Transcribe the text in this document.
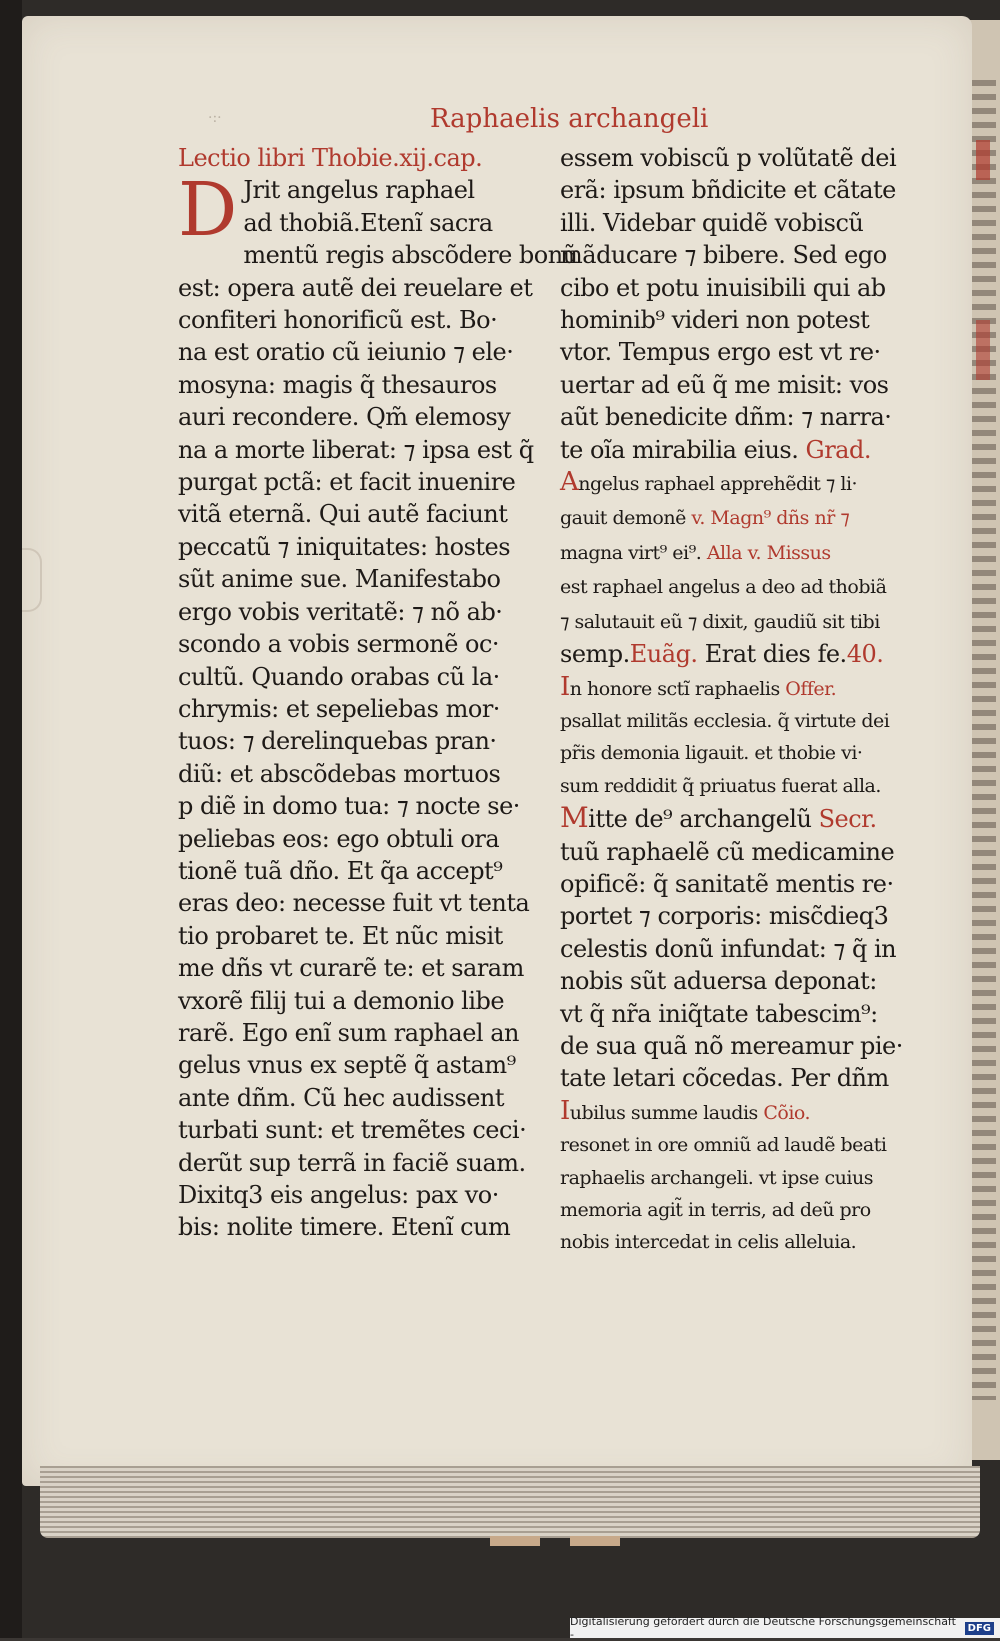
·:·	Raphaelis archangeli
Lectio libri Thobie.xij.cap.
D Jrit angelus raphael
ad thobiã.Etenĩ sacra
mentũ regis abscõdere bonũ
est: opera autẽ dei reuelare et
confiteri honorificũ est. Bo·
na est oratio cũ ieiunio ⁊ ele·
mosyna: magis q̃ thesauros
auri recondere. Qm̃ elemosy
na a morte liberat: ⁊ ipsa est q̃
purgat pctã: et facit inuenire
vitã eternã. Qui autẽ faciunt
peccatũ ⁊ iniquitates: hostes
sũt anime sue. Manifestabo
ergo vobis veritatẽ: ⁊ nõ ab·
scondo a vobis sermonẽ oc·
cultũ. Quando orabas cũ la·
chrymis: et sepeliebas mor·
tuos: ⁊ derelinquebas pran·
diũ: et abscõdebas mortuos
p diẽ in domo tua: ⁊ nocte se·
peliebas eos: ego obtuli ora
tionẽ tuã dño. Et q̃a accept⁹
eras deo: necesse fuit vt tenta
tio probaret te. Et nũc misit
me dñs vt curarẽ te: et saram
vxorẽ filij tui a demonio libe
rarẽ. Ego enĩ sum raphael an
gelus vnus ex septẽ q̃ astam⁹
ante dñm. Cũ hec audissent
turbati sunt: et tremẽtes ceci·
derũt sup terrã in faciẽ suam.
Dixitq3 eis angelus: pax vo·
bis: nolite timere. Etenĩ cum
essem vobiscũ p volũtatẽ dei
erã: ipsum bñdicite et cãtate
illi. Videbar quidẽ vobiscũ
mãducare ⁊ bibere. Sed ego
cibo et potu inuisibili qui ab
hominib⁹ videri non potest
vtor. Tempus ergo est vt re·
uertar ad eũ q̃ me misit: vos
aũt benedicite dñm: ⁊ narra·
te oĩa mirabilia eius. Grad.
Angelus raphael apprehẽdit ⁊ li·
gauit demonẽ v. Magn⁹ dñs nr̃ ⁊
magna virt⁹ ei⁹. Alla v. Missus
est raphael angelus a deo ad thobiã
⁊ salutauit eũ ⁊ dixit, gaudiũ sit tibi
semp.Euãg. Erat dies fe.40.
In honore sctĩ raphaelis Offer.
psallat militãs ecclesia. q̃ virtute dei
pr̃is demonia ligauit. et thobie vi·
sum reddidit q̃ priuatus fuerat alla.
Mitte de⁹ archangelũ Secr.
tuũ raphaelẽ cũ medicamine
opificẽ: q̃ sanitatẽ mentis re·
portet ⁊ corporis: misc̃dieq3
celestis donũ infundat: ⁊ q̃ in
nobis sũt aduersa deponat:
vt q̃ nr̃a iniq̃tate tabescim⁹:
de sua quã nõ mereamur pie·
tate letari cõcedas. Per dñm
Iubilus summe laudis Cõio.
resonet in ore omniũ ad laudẽ beati
raphaelis archangeli. vt ipse cuius
memoria agit̃ in terris, ad deũ pro
nobis intercedat in celis alleluia.
Digitalisierung gefördert durch die Deutsche Forschungsgemeinschaft -	DFG
